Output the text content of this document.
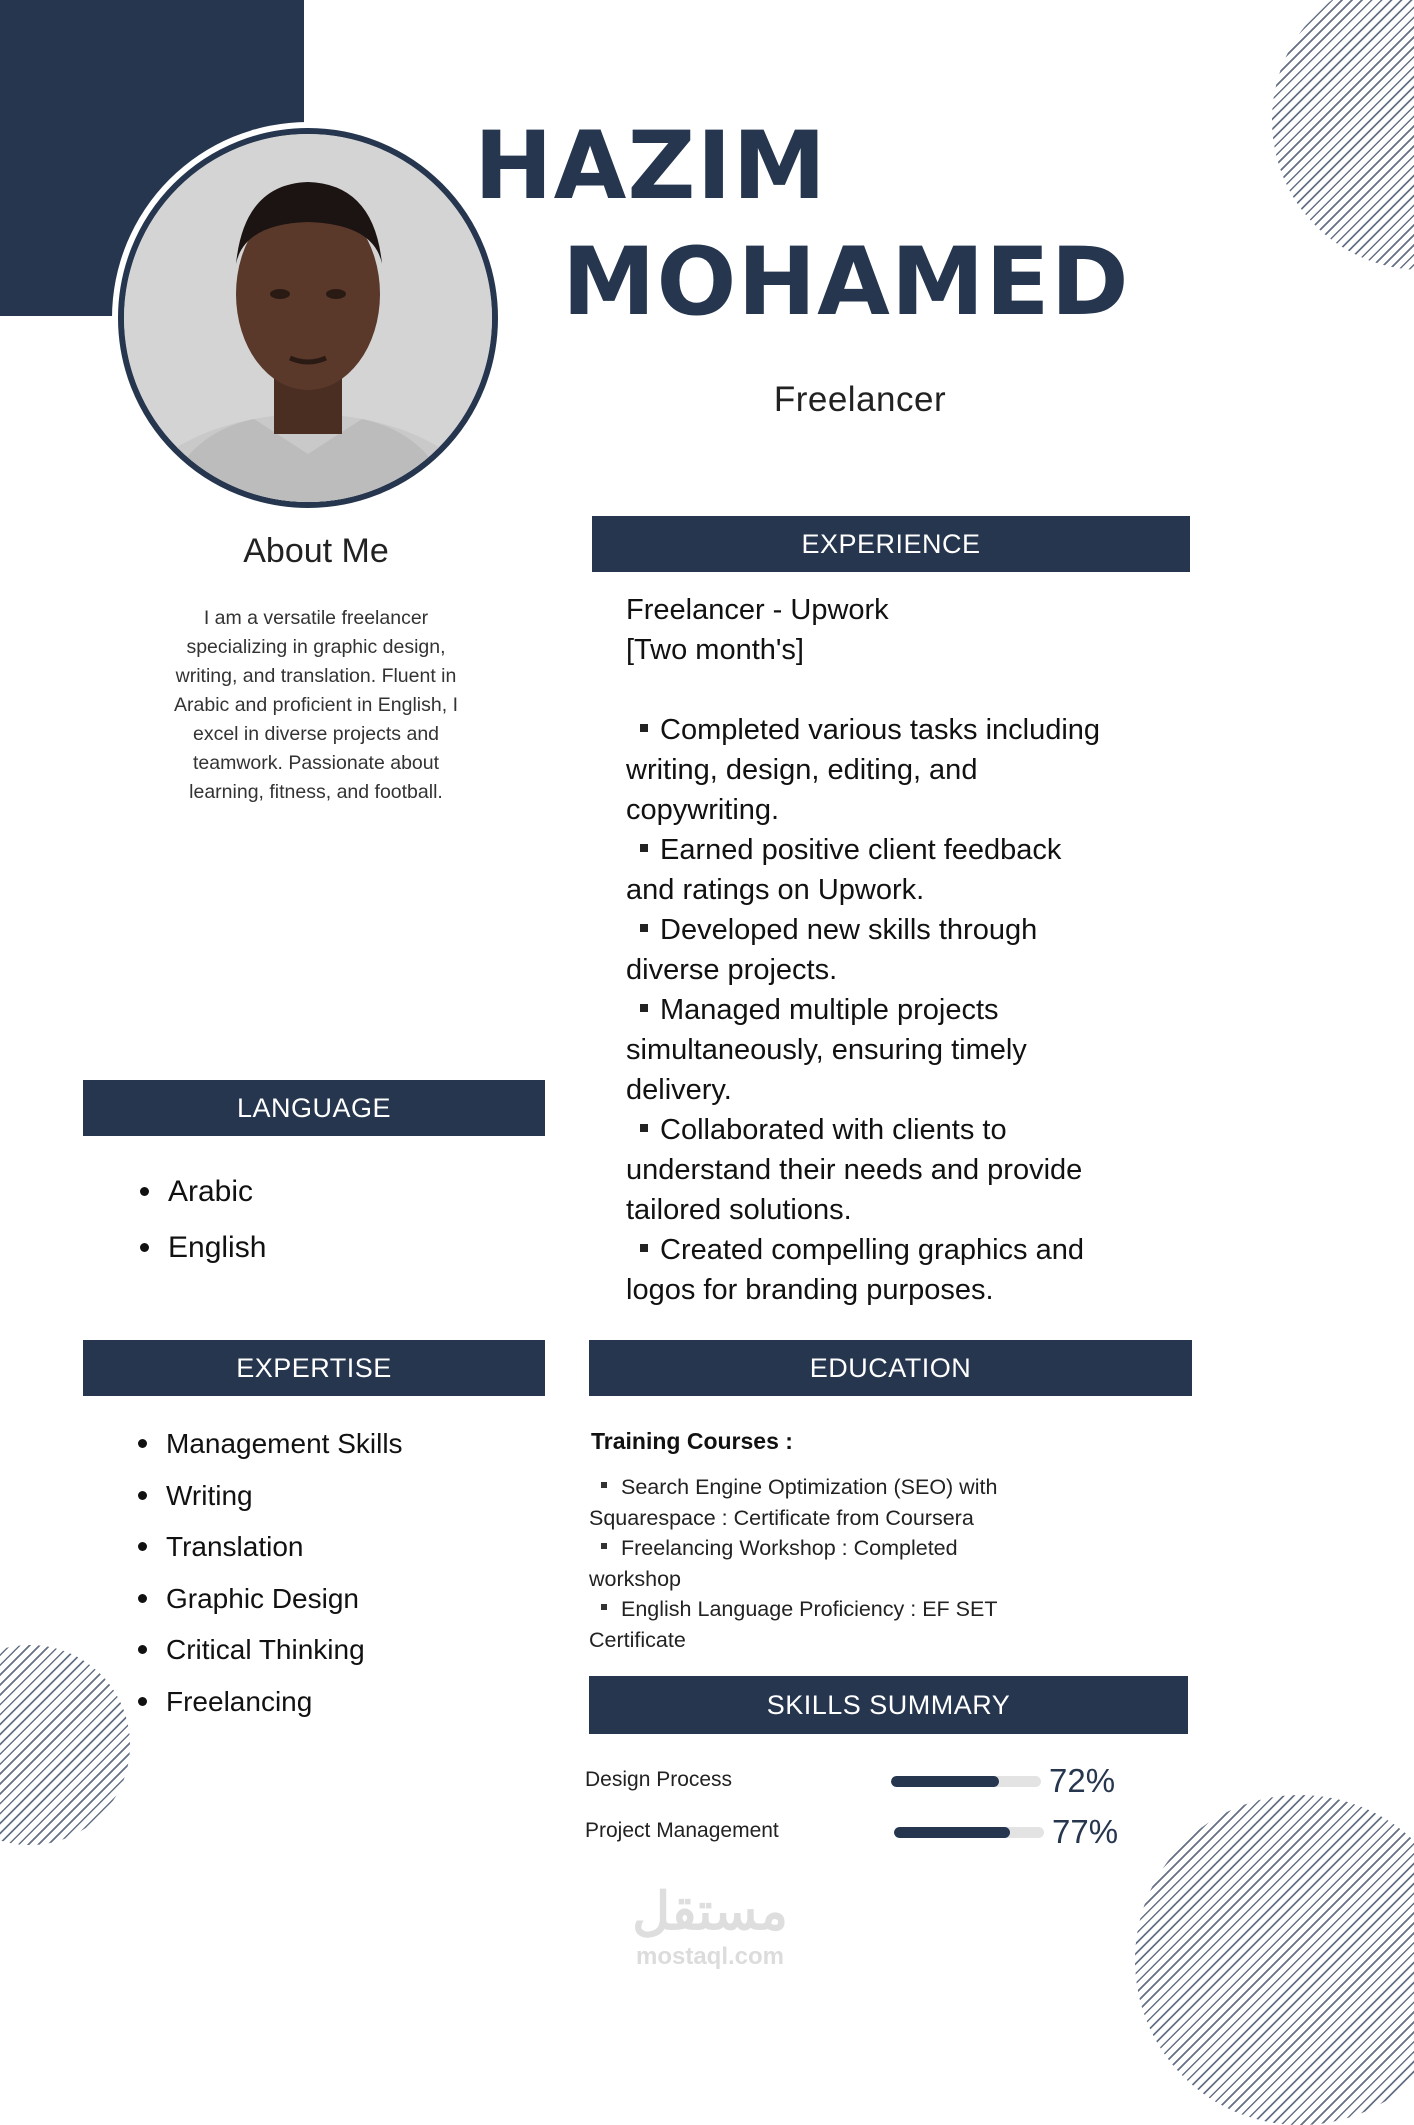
HAZIM
MOHAMED
Freelancer
About Me
I am a versatile freelancer
specializing in graphic design,
writing, and translation. Fluent in
Arabic and proficient in English, I
excel in diverse projects and
teamwork. Passionate about
learning, fitness, and football.
EXPERIENCE
LANGUAGE
EXPERTISE	EDUCATION
SKILLS SUMMARY
Freelancer - Upwork
[Two month's]

Completed various tasks including
writing, design, editing, and
copywriting.
Earned positive client feedback
and ratings on Upwork.
Developed new skills through
diverse projects.
Managed multiple projects
simultaneously, ensuring timely
delivery.
Collaborated with clients to
understand their needs and provide
tailored solutions.
Created compelling graphics and
logos for branding purposes.
Arabic
English
Management Skills
Writing
Translation
Graphic Design
Critical Thinking
Freelancing
Training Courses :
Search Engine Optimization (SEO) with
Squarespace : Certificate from Coursera
Freelancing Workshop : Completed
workshop
English Language Proficiency : EF SET
Certificate
Design Process	72%
Project Management	77%
مستقل
mostaql.com
